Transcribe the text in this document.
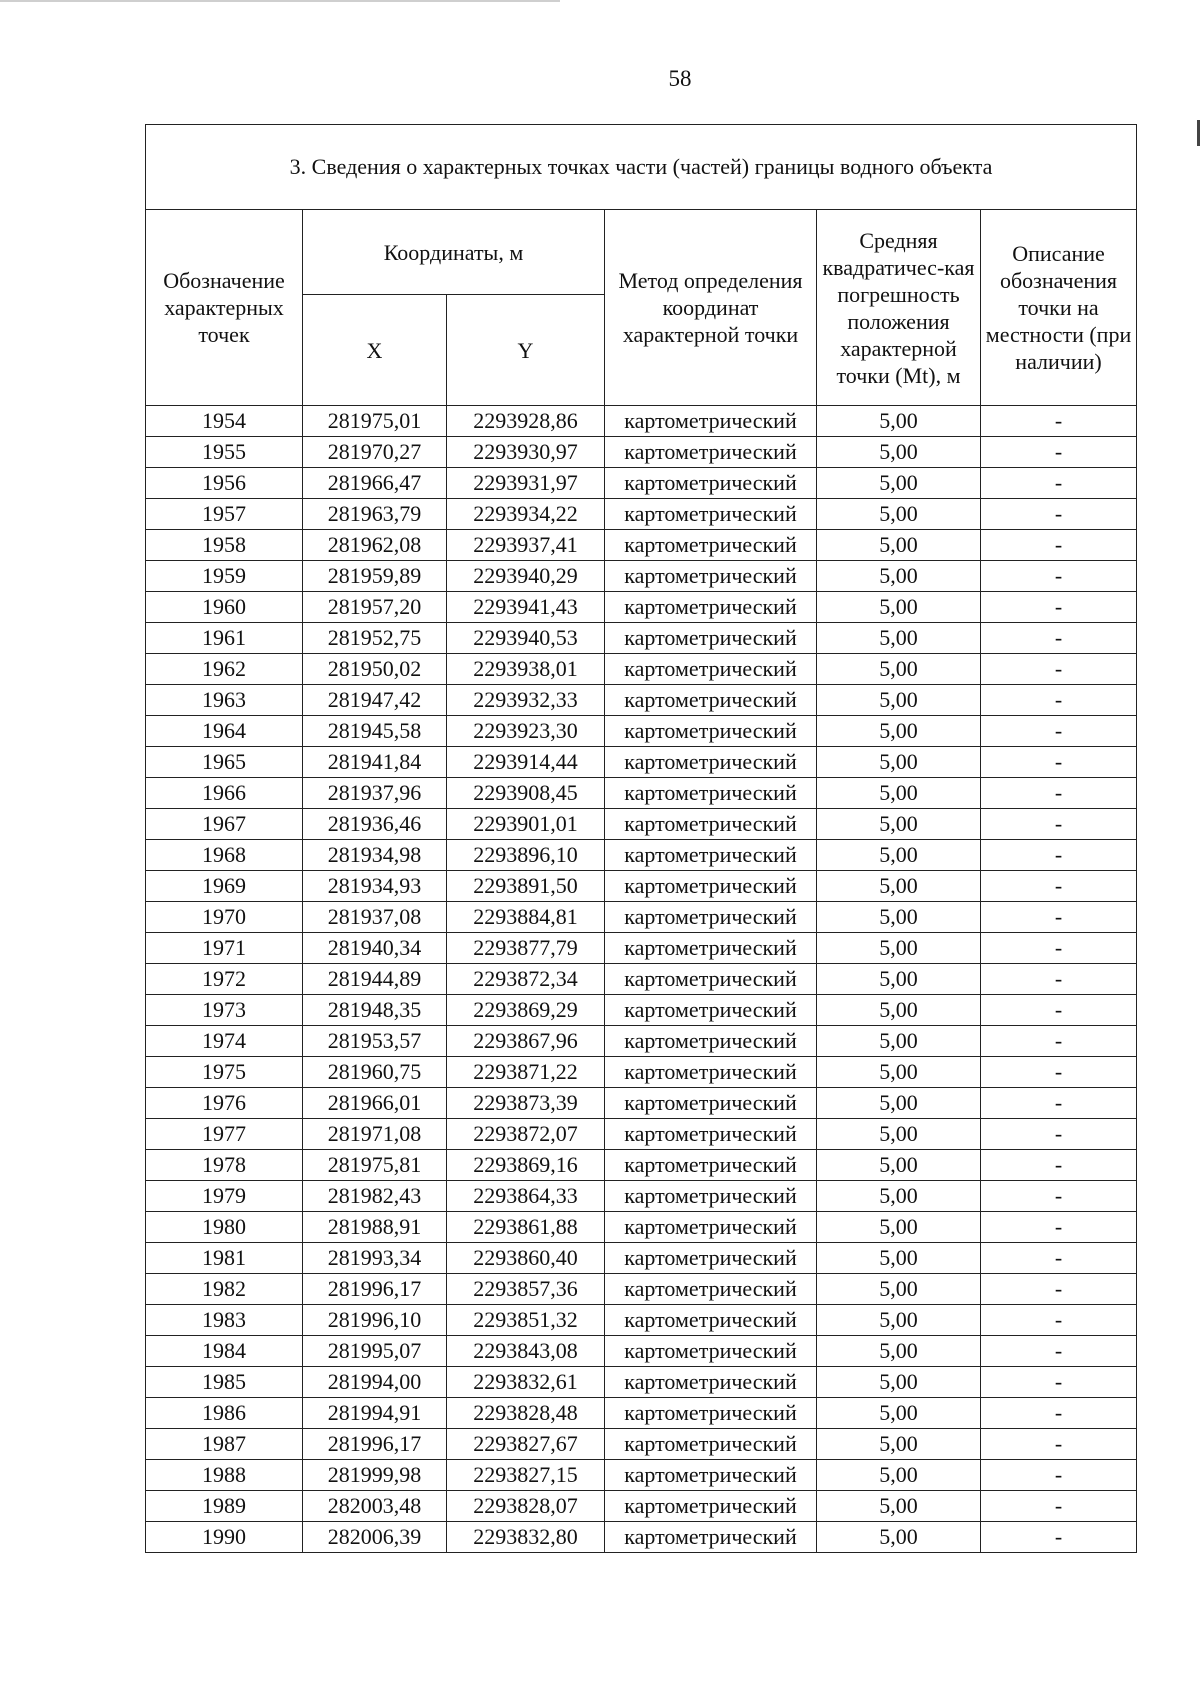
58
3. Сведения о характерных точках части (частей) границы водного объекта					
Обозначение характерных точек	Координаты, м		Метод определения координат характерной точки	Средняя квадратичес-кая погрешность положения характерной точки (Mt), м	Описание обозначения точки на местности (при наличии)
	X	Y			
1954	281975,01	2293928,86	картометрический	5,00	-
1955	281970,27	2293930,97	картометрический	5,00	-
1956	281966,47	2293931,97	картометрический	5,00	-
1957	281963,79	2293934,22	картометрический	5,00	-
1958	281962,08	2293937,41	картометрический	5,00	-
1959	281959,89	2293940,29	картометрический	5,00	-
1960	281957,20	2293941,43	картометрический	5,00	-
1961	281952,75	2293940,53	картометрический	5,00	-
1962	281950,02	2293938,01	картометрический	5,00	-
1963	281947,42	2293932,33	картометрический	5,00	-
1964	281945,58	2293923,30	картометрический	5,00	-
1965	281941,84	2293914,44	картометрический	5,00	-
1966	281937,96	2293908,45	картометрический	5,00	-
1967	281936,46	2293901,01	картометрический	5,00	-
1968	281934,98	2293896,10	картометрический	5,00	-
1969	281934,93	2293891,50	картометрический	5,00	-
1970	281937,08	2293884,81	картометрический	5,00	-
1971	281940,34	2293877,79	картометрический	5,00	-
1972	281944,89	2293872,34	картометрический	5,00	-
1973	281948,35	2293869,29	картометрический	5,00	-
1974	281953,57	2293867,96	картометрический	5,00	-
1975	281960,75	2293871,22	картометрический	5,00	-
1976	281966,01	2293873,39	картометрический	5,00	-
1977	281971,08	2293872,07	картометрический	5,00	-
1978	281975,81	2293869,16	картометрический	5,00	-
1979	281982,43	2293864,33	картометрический	5,00	-
1980	281988,91	2293861,88	картометрический	5,00	-
1981	281993,34	2293860,40	картометрический	5,00	-
1982	281996,17	2293857,36	картометрический	5,00	-
1983	281996,10	2293851,32	картометрический	5,00	-
1984	281995,07	2293843,08	картометрический	5,00	-
1985	281994,00	2293832,61	картометрический	5,00	-
1986	281994,91	2293828,48	картометрический	5,00	-
1987	281996,17	2293827,67	картометрический	5,00	-
1988	281999,98	2293827,15	картометрический	5,00	-
1989	282003,48	2293828,07	картометрический	5,00	-
1990	282006,39	2293832,80	картометрический	5,00	-
